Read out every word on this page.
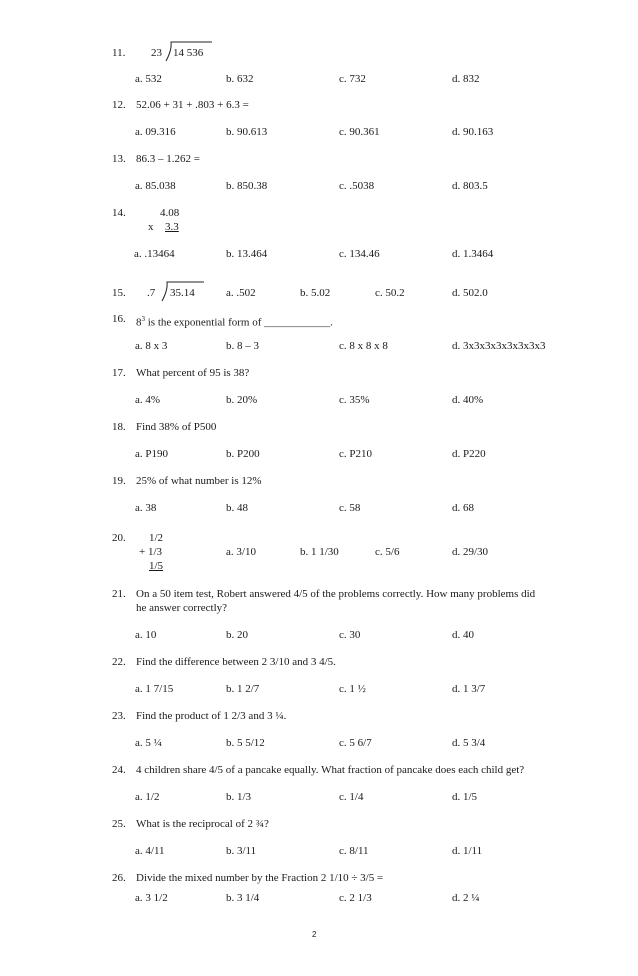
11. 23 14 536
a. 532	b. 632	c. 732	d. 832
12. 52.06 + 31 + .803 + 6.3 =
a. 09.316	b. 90.613	c. 90.361	d. 90.163
13. 86.3 – 1.262 =
a. 85.038	b. 850.38	c. .5038	d. 803.5
14.	4.08
x 3.3
a. .13464	b. 13.464	c. 134.46	d. 1.3464
15. .7 35.14	a. .502	b. 5.02	c. 50.2	d. 502.0
16. $8^3$ is the exponential form of ____________.
a. 8 x 3	b. 8 – 3	c. 8 x 8 x 8	d. 3x3x3x3x3x3x3x3
17. What percent of 95 is 38?
a. 4%	b. 20%	c. 35%	d. 40%
18. Find 38% of P500
a. P190	b. P200	c. P210	d. P220
19. 25% of what number is 12%
a. 38	b. 48	c. 58	d. 68
20. 1/2
+ 1/3
1/5
a. 3/10	b. 1 1/30	c. 5/6	d. 29/30
21. On a 50 item test, Robert answered 4/5 of the problems correctly. How many problems did
he answer correctly?
a. 10	b. 20	c. 30	d. 40
22. Find the difference between 2 3/10 and 3 4/5.
a. 1 7/15	b. 1 2/7	c. 1 ½	d. 1 3/7
23. Find the product of 1 2/3 and 3 ¼.
a. 5 ¼	b. 5 5/12	c. 5 6/7	d. 5 3/4
24. 4 children share 4/5 of a pancake equally. What fraction of pancake does each child get?
a. 1/2	b. 1/3	c. 1/4	d. 1/5
25. What is the reciprocal of 2 ¾?
a. 4/11	b. 3/11	c. 8/11	d. 1/11
26. Divide the mixed number by the Fraction 2 1/10 ÷ 3/5 =
a. 3 1/2	b. 3 1/4	c. 2 1/3	d. 2 ¼
2
